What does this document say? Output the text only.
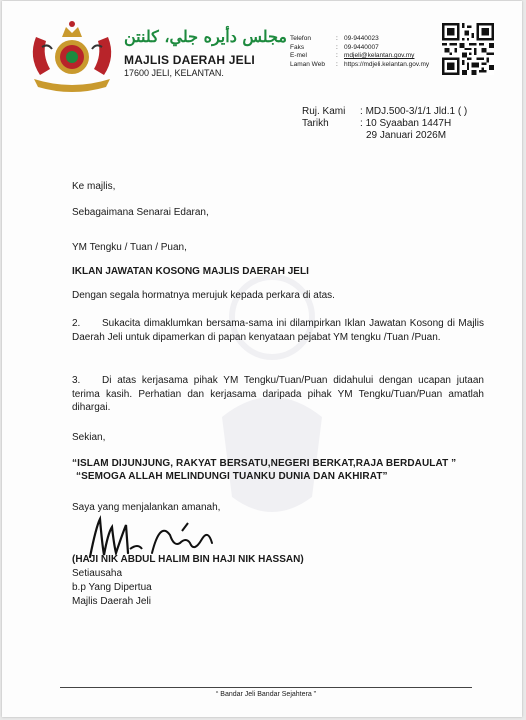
مجلس دأيره جلي، کلنتن
MAJLIS DAERAH JELI
17600 JELI, KELANTAN.
Telefon	: 09-9440023
Faks	: 09-9440007
E-mel	: mdjeli@kelantan.gov.my
Laman Web	: https://mdjeli.kelantan.gov.my
Ruj. Kami	: MDJ.500-3/1/1 Jld.1 ( )
Tarikh	: 10 Syaaban 1447H
29 Januari 2026M
Ke majlis,
Sebagaimana Senarai Edaran,
YM Tengku / Tuan / Puan,
IKLAN JAWATAN KOSONG MAJLIS DAERAH JELI
Dengan segala hormatnya merujuk kepada perkara di atas.
2. Sukacita dimaklumkan bersama-sama ini dilampirkan Iklan Jawatan Kosong di Majlis Daerah Jeli untuk dipamerkan di papan kenyataan pejabat YM tengku /Tuan /Puan.
3. Di atas kerjasama pihak YM Tengku/Tuan/Puan didahului dengan ucapan jutaan terima kasih. Perhatian dan kerjasama daripada pihak YM Tengku/Tuan/Puan amatlah dihargai.
Sekian,
“ISLAM DIJUNJUNG, RAKYAT BERSATU,NEGERI BERKAT,RAJA BERDAULAT ”
“SEMOGA ALLAH MELINDUNGI TUANKU DUNIA DAN AKHIRAT”
Saya yang menjalankan amanah,
(HAJI NIK ABDUL HALIM BIN HAJI NIK HASSAN)
Setiausaha
b.p Yang Dipertua
Majlis Daerah Jeli
“ Bandar Jeli Bandar Sejahtera ”
